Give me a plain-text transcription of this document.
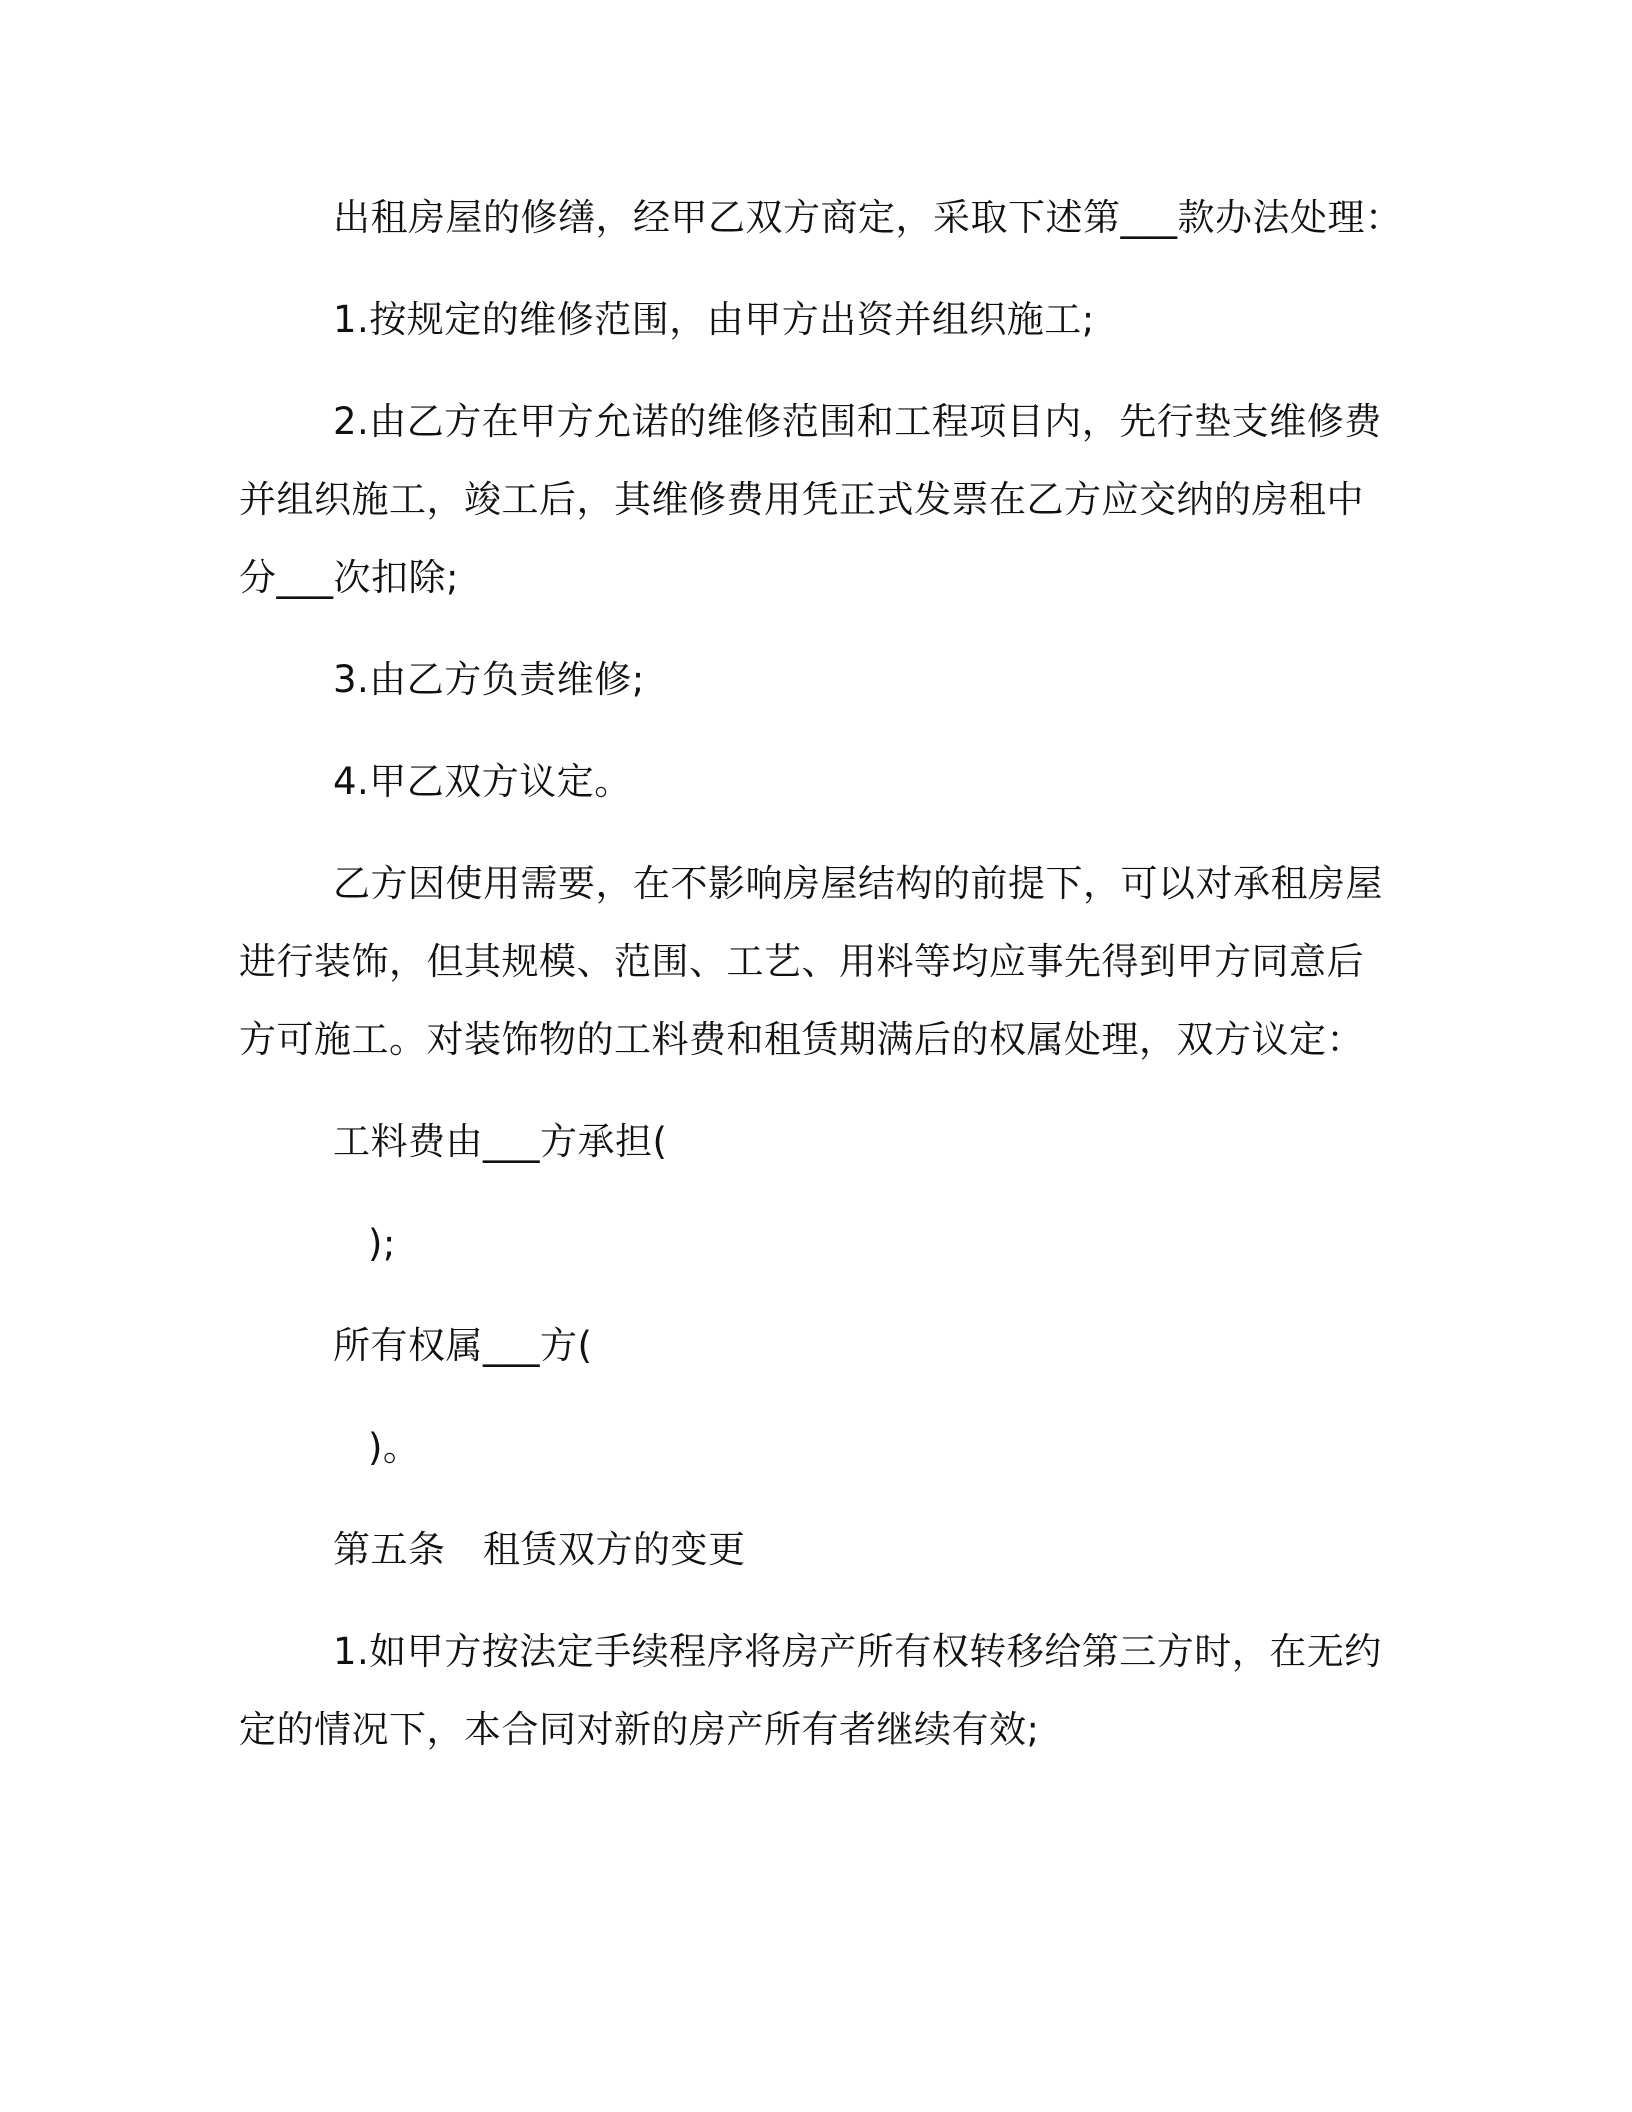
出租房屋的修缮，经甲乙双方商定，采取下述第___款办法处理：

1.按规定的维修范围，由甲方出资并组织施工;

2.由乙方在甲方允诺的维修范围和工程项目内，先行垫支维修费

并组织施工，竣工后，其维修费用凭正式发票在乙方应交纳的房租中

分___次扣除;

3.由乙方负责维修;

4.甲乙双方议定。

乙方因使用需要，在不影响房屋结构的前提下，可以对承租房屋

进行装饰，但其规模、范围、工艺、用料等均应事先得到甲方同意后

方可施工。对装饰物的工料费和租赁期满后的权属处理，双方议定：

工料费由___方承担(

);

所有权属___方(

)。

第五条　租赁双方的变更

1.如甲方按法定手续程序将房产所有权转移给第三方时，在无约

定的情况下，本合同对新的房产所有者继续有效;
